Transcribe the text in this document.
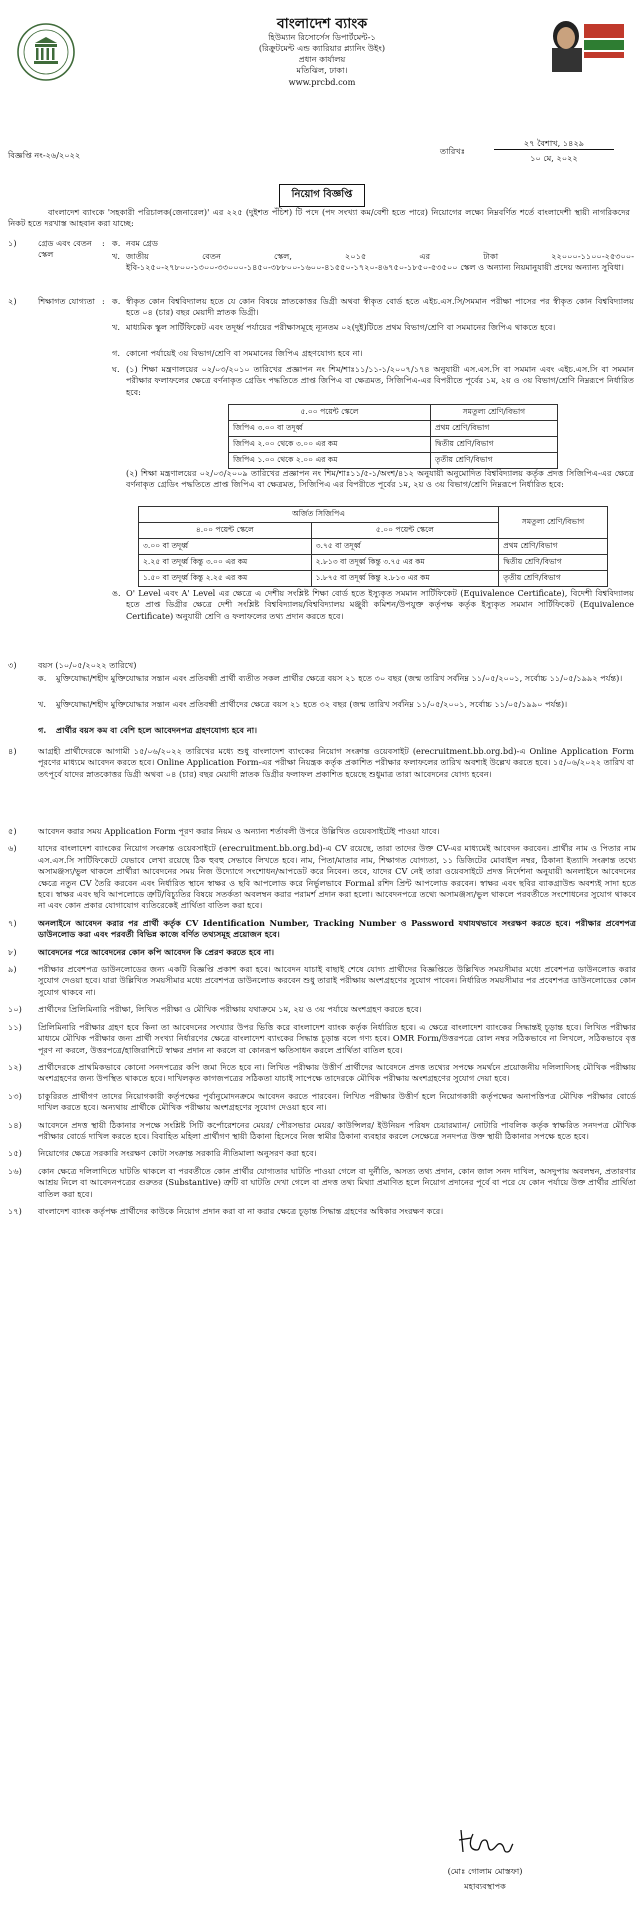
বাংলাদেশ ব্যাংক
হিউম্যান রিসোর্সেস ডিপার্টমেন্ট-১
(রিক্রুটমেন্ট এন্ড ক্যারিয়ার প্ল্যানিং উইং)
প্রধান কার্যালয়
মতিঝিল, ঢাকা।
www.prcbd.com
বিজ্ঞপ্তি নং-২৬/২০২২	তারিখঃ
২৭ বৈশাখ, ১৪২৯
১০ মে, ২০২২
নিয়োগ বিজ্ঞপ্তি
বাংলাদেশ ব্যাংকে 'সহকারী পরিচালক(জেনারেল)' এর ২২৫ (দুইশত পঁচিশ) টি পদে (পদ সংখ্যা কম/বেশী হতে পারে) নিয়োগের লক্ষ্যে নিম্নবর্ণিত শর্তে বাংলাদেশী স্থায়ী নাগরিকদের নিকট হতে দরখাস্ত আহবান করা যাচ্ছে:
১)	গ্রেড এবং বেতন স্কেল
: ক. নবম গ্রেড
খ. জাতীয় বেতন স্কেল, ২০১৫ এর টাকা ২২০০০-১১০০-২৫৩০০-ইবি-১২৫০-২৭৮০০-১৩০০-৩৩০০০-১৪৫০-৩৮৮০০-১৬০০-৪১৫৫০-১৭২০-৪৬৭৫০-১৮৫০-৫৩৫০০ স্কেল ও অন্যান্য নিয়মানুযায়ী প্রদেয় অন্যান্য সুবিধা।
২)	শিক্ষাগত যোগ্যতা : ক. স্বীকৃত কোন বিশ্ববিদ্যালয় হতে যে কোন বিষয়ে স্নাতকোত্তর ডিগ্রী অথবা স্বীকৃত বোর্ড হতে এইচ.এস.সি/সমমান পরীক্ষা পাসের পর স্বীকৃত কোন বিশ্ববিদ্যালয় হতে ০৪ (চার) বছর মেয়াদী স্নাতক ডিগ্রী।
খ. মাধ্যমিক স্কুল সার্টিফিকেট এবং তদূর্ধ্ব পর্যায়ের পরীক্ষাসমূহে ন্যূনতম ০২(দুই)টিতে প্রথম বিভাগ/শ্রেণি বা সমমানের জিপিএ থাকতে হবে।
গ. কোনো পর্যায়েই ৩য় বিভাগ/শ্রেণি বা সমমানের জিপিএ গ্রহণযোগ্য হবে না।
ঘ. (১) শিক্ষা মন্ত্রণালয়ের ০২/০৩/২০১০ তারিখের প্রজ্ঞাপন নং শিম/শাঃ১১/১১-১/২০০৭/১৭৪ অনুযায়ী এস.এস.সি বা সমমান এবং এইচ.এস.সি বা সমমান পরীক্ষার ফলাফলের ক্ষেত্রে বর্ণনাকৃত গ্রেডিং পদ্ধতিতে প্রাপ্ত জিপিএ বা ক্ষেত্রমত, সিজিপিএ-এর বিপরীতে পূর্বের ১ম, ২য় ও ৩য় বিভাগ/শ্রেণি নিম্নরূপে নির্ধারিত হবে:
৫.০০ পয়েন্ট স্কেলে	সমতুল্য শ্রেণি/বিভাগ
জিপিএ ৩.০০ বা তদূর্ধ্ব	প্রথম শ্রেণি/বিভাগ
জিপিএ ২.০০ থেকে ৩.০০ এর কম	দ্বিতীয় শ্রেণি/বিভাগ
জিপিএ ১.০০ থেকে ২.০০ এর কম	তৃতীয় শ্রেণি/বিভাগ
(২) শিক্ষা মন্ত্রণালয়ের ০২/০৩/২০০৯ তারিখের প্রজ্ঞাপন নং শিম/শাঃ১১/৫-১/অংশ/৪১২ অনুযায়ী অনুমোদিত বিশ্ববিদ্যালয় কর্তৃক প্রদত্ত সিজিপিএ-এর ক্ষেত্রে বর্ণনাকৃত গ্রেডিং পদ্ধতিতে প্রাপ্ত জিপিএ বা ক্ষেত্রমত, সিজিপিএ এর বিপরীতে পূর্বের ১ম, ২য় ও ৩য় বিভাগ/শ্রেণি নিম্নরূপে নির্ধারিত হবে:
অর্জিত সিজিপিএ		সমতুল্য শ্রেণি/বিভাগ
৪.০০ পয়েন্ট স্কেলে	৫.০০ পয়েন্ট স্কেলে	
৩.০০ বা তদূর্ধ্ব	৩.৭৫ বা তদূর্ধ্ব	প্রথম শ্রেণি/বিভাগ
২.২৫ বা তদূর্ধ্ব কিন্তু ৩.০০ এর কম	২.৮১৩ বা তদূর্ধ্ব কিন্তু ৩.৭৫ এর কম	দ্বিতীয় শ্রেণি/বিভাগ
১.৫০ বা তদূর্ধ্ব কিন্তু ২.২৫ এর কম	১.৮৭৫ বা তদূর্ধ্ব কিন্তু ২.৮১৩ এর কম	তৃতীয় শ্রেণি/বিভাগ
ঙ. O' Level এবং A' Level এর ক্ষেত্রে এ দেশীয় সংশ্লিষ্ট শিক্ষা বোর্ড হতে ইস্যুকৃত সমমান সার্টিফিকেট (Equivalence Certificate), বিদেশী বিশ্ববিদ্যালয় হতে প্রাপ্ত ডিগ্রীর ক্ষেত্রে দেশী সংশ্লিষ্ট বিশ্ববিদ্যালয়/বিশ্ববিদ্যালয় মঞ্জুরী কমিশন/উপযুক্ত কর্তৃপক্ষ কর্তৃক ইস্যুকৃত সমমান সার্টিফিকেট (Equivalence Certificate) অনুযায়ী শ্রেণি ও ফলাফলের তথ্য প্রদান করতে হবে।
৩)	বয়স (১০/০৫/২০২২ তারিখে)
ক. মুক্তিযোদ্ধা/শহীদ মুক্তিযোদ্ধার সন্তান এবং প্রতিবন্ধী প্রার্থী ব্যতীত সকল প্রার্থীর ক্ষেত্রে বয়স ২১ হতে ৩০ বছর (জন্ম তারিখ সর্বনিম্ন ১১/০৫/২০০১, সর্বোচ্চ ১১/০৫/১৯৯২ পর্যন্ত)।
খ. মুক্তিযোদ্ধা/শহীদ মুক্তিযোদ্ধার সন্তান এবং প্রতিবন্ধী প্রার্থীদের ক্ষেত্রে বয়স ২১ হতে ৩২ বছর (জন্ম তারিখ সর্বনিম্ন ১১/০৫/২০০১, সর্বোচ্চ ১১/০৫/১৯৯০ পর্যন্ত)।
গ. প্রার্থীর বয়স কম বা বেশি হলে আবেদনপত্র গ্রহণযোগ্য হবে না।
৪)	আগ্রহী প্রার্থীদেরকে আগামী ১৫/০৬/২০২২ তারিখের মধ্যে শুধু বাংলাদেশ ব্যাংকের নিয়োগ সংক্রান্ত ওয়েবসাইট (erecruitment.bb.org.bd)-এ Online Application Form পূরণের মাধ্যমে আবেদন করতে হবে। Online Application Form-এর পরীক্ষা নিয়ন্ত্রক কর্তৃক প্রকাশিত পরীক্ষার ফলাফলের তারিখ অবশ্যই উল্লেখ করতে হবে। ১৫/০৬/২০২২ তারিখ বা তৎপূর্বে যাদের স্নাতকোত্তর ডিগ্রী অথবা ০৪ (চার) বছর মেয়াদী স্নাতক ডিগ্রীর ফলাফল প্রকাশিত হয়েছে শুধুমাত্র তারা আবেদনের যোগ্য হবেন।
৫)	আবেদন করার সময় Application Form পূরণ করার নিয়ম ও অন্যান্য শর্তাবলী উপরে উল্লিখিত ওয়েবসাইটেই পাওয়া যাবে।
৬)	যাদের বাংলাদেশ ব্যাংকের নিয়োগ সংক্রান্ত ওয়েবসাইটে (erecruitment.bb.org.bd)-এ CV রয়েছে, তারা তাদের উক্ত CV-এর মাধ্যমেই আবেদন করবেন। প্রার্থীর নাম ও পিতার নাম এস.এস.সি সার্টিফিকেটে যেভাবে লেখা রয়েছে ঠিক হুবহু সেভাবে লিখতে হবে। নাম, পিতা/মাতার নাম, শিক্ষাগত যোগ্যতা, ১১ ডিজিটের মোবাইল নম্বর, ঠিকানা ইত্যাদি সংক্রান্ত তথ্যে অসামঞ্জস্য/ভুল থাকলে প্রার্থীরা আবেদনের সময় নিজ উদ্যোগে সংশোধন/আপডেট করে নিবেন। তবে, যাদের CV নেই তারা ওয়েবসাইটে প্রদত্ত নির্দেশনা অনুযায়ী অনলাইনে আবেদনের ক্ষেত্রে নতুন CV তৈরি করবেন এবং নির্ধারিত স্থানে স্বাক্ষর ও ছবি আপলোড করে নির্ভুলভাবে Formal রশিদ প্রিন্ট আপলোড করবেন। স্বাক্ষর এবং ছবির ব্যাকগ্রাউন্ড অবশ্যই সাদা হতে হবে। স্বাক্ষর এবং ছবি আপলোডে ত্রুটি/বিচ্যুতির বিষয়ে সতর্কতা অবলম্বন করার পরামর্শ প্রদান করা হলো। আবেদনপত্রে তথ্যে অসামঞ্জস্য/ভুল থাকলে পরবর্তীতে সংশোধনের সুযোগ থাকবে না এবং কোন প্রকার যোগাযোগ ব্যতিরেকেই প্রার্থিতা বাতিল করা হবে।
৭)	অনলাইনে আবেদন করার পর প্রার্থী কর্তৃক CV Identification Number, Tracking Number ও Password যথাযথভাবে সংরক্ষণ করতে হবে। পরীক্ষার প্রবেশপত্র ডাউনলোড করা এবং পরবর্তী বিভিন্ন কাজে বর্ণিত তথ্যসমূহ প্রয়োজন হবে।
৮)	আবেদনের পরে আবেদনের কোন কপি আবেদন কি প্রেরণ করতে হবে না।
৯)	পরীক্ষার প্রবেশপত্র ডাউনলোডের জন্য একটি বিজ্ঞপ্তি প্রকাশ করা হবে। আবেদন যাচাই বাছাই শেষে যোগ্য প্রার্থীদের বিজ্ঞপ্তিতে উল্লিখিত সময়সীমার মধ্যে প্রবেশপত্র ডাউনলোড করার সুযোগ দেওয়া হবে। যারা উল্লিখিত সময়সীমার মধ্যে প্রবেশপত্র ডাউনলোড করবেন শুধু তারাই পরীক্ষায় অংশগ্রহণের সুযোগ পাবেন। নির্ধারিত সময়সীমার পর প্রবেশপত্র ডাউনলোডের কোন সুযোগ থাকবে না।
১০)	প্রার্থীদের প্রিলিমিনারি পরীক্ষা, লিখিত পরীক্ষা ও মৌখিক পরীক্ষায় যথাক্রমে ১ম, ২য় ও ৩য় পর্যায়ে অংশগ্রহণ করতে হবে।
১১)	প্রিলিমিনারি পরীক্ষার গ্রহণ হবে কিনা তা আবেদনের সংখ্যার উপর ভিত্তি করে বাংলাদেশ ব্যাংক কর্তৃক নির্ধারিত হবে। এ ক্ষেত্রে বাংলাদেশ ব্যাংকের সিদ্ধান্তই চূড়ান্ত হবে। লিখিত পরীক্ষার মাধ্যমে মৌখিক পরীক্ষার জন্য প্রার্থী সংখ্যা নির্ধারণের ক্ষেত্রে বাংলাদেশ ব্যাংকের সিদ্ধান্ত চূড়ান্ত বলে গণ্য হবে। OMR Form/উত্তরপত্রে রোল নম্বর সঠিকভাবে না লিখলে, সঠিকভাবে বৃত্ত পূরণ না করলে, উত্তরপত্রে/হাজিরাশিটে স্বাক্ষর প্রদান না করলে বা কোনরূপ ক্ষতিসাধন করলে প্রার্থিতা বাতিল হবে।
১২)	প্রার্থীদেরকে প্রাথমিকভাবে কোনো সনদপত্রের কপি জমা দিতে হবে না। লিখিত পরীক্ষায় উত্তীর্ণ প্রার্থীদের আবেদনে প্রদত্ত তথ্যের সপক্ষে সমর্থনে প্রয়োজনীয় দলিলাদিসহ মৌখিক পরীক্ষায় অংশগ্রহণের জন্য উপস্থিত থাকতে হবে। দাখিলকৃত কাগজপত্রের সঠিকতা যাচাই সাপেক্ষে তাদেরকে মৌখিক পরীক্ষায় অংশগ্রহণের সুযোগ দেয়া হবে।
১৩)	চাকুরিরত প্রার্থীগণ তাদের নিয়োগকারী কর্তৃপক্ষের পূর্বানুমোদনক্রমে আবেদন করতে পারবেন। লিখিত পরীক্ষার উত্তীর্ণ হলে নিয়োগকারী কর্তৃপক্ষের অনাপত্তিপত্র মৌখিক পরীক্ষার বোর্ডে দাখিল করতে হবে। অন্যথায় প্রার্থীকে মৌখিক পরীক্ষায় অংশগ্রহণের সুযোগ দেওয়া হবে না।
১৪)	আবেদনে প্রদত্ত স্থায়ী ঠিকানার সপক্ষে সংশ্লিষ্ট সিটি কর্পোরেশনের মেয়র/ পৌরসভার মেয়র/ কাউন্সিলর/ ইউনিয়ন পরিষদ চেয়ারম্যান/ নোটারি পাবলিক কর্তৃক স্বাক্ষরিত সনদপত্র মৌখিক পরীক্ষার বোর্ডে দাখিল করতে হবে। বিবাহিত মহিলা প্রার্থীগণ স্থায়ী ঠিকানা হিসেবে নিজ স্বামীর ঠিকানা ব্যবহার করলে সেক্ষেত্রে সনদপত্র উক্ত স্থায়ী ঠিকানার সপক্ষে হতে হবে।
১৫)	নিয়োগের ক্ষেত্রে সরকারি সংরক্ষণ কোটা সংক্রান্ত সরকারি নীতিমালা অনুসরণ করা হবে।
১৬)	কোন ক্ষেত্রে দলিলাদিতে ঘাটতি থাকলে বা পরবর্তীতে কোন প্রার্থীর যোগ্যতার ঘাটতি পাওয়া গেলে বা দুর্নীতি, অসত্য তথ্য প্রদান, কোন জাল সনদ দাখিল, অসদুপায় অবলম্বন, প্রতারণার আশ্রয় নিলে বা আবেদনপত্রের গুরুতর (Substantive) ত্রুটি বা ঘাটতি দেখা গেলে বা প্রদত্ত তথ্য মিথ্যা প্রমাণিত হলে নিয়োগ প্রদানের পূর্বে বা পরে যে কোন পর্যায়ে উক্ত প্রার্থীর প্রার্থিতা বাতিল করা হবে।
১৭)	বাংলাদেশ ব্যাংক কর্তৃপক্ষ প্রার্থীদের কাউকে নিয়োগ প্রদান করা বা না করার ক্ষেত্রে চূড়ান্ত সিদ্ধান্ত গ্রহণের অধিকার সংরক্ষণ করে।
(মোঃ গোলাম মোস্তফা)
মহাব্যবস্থাপক
